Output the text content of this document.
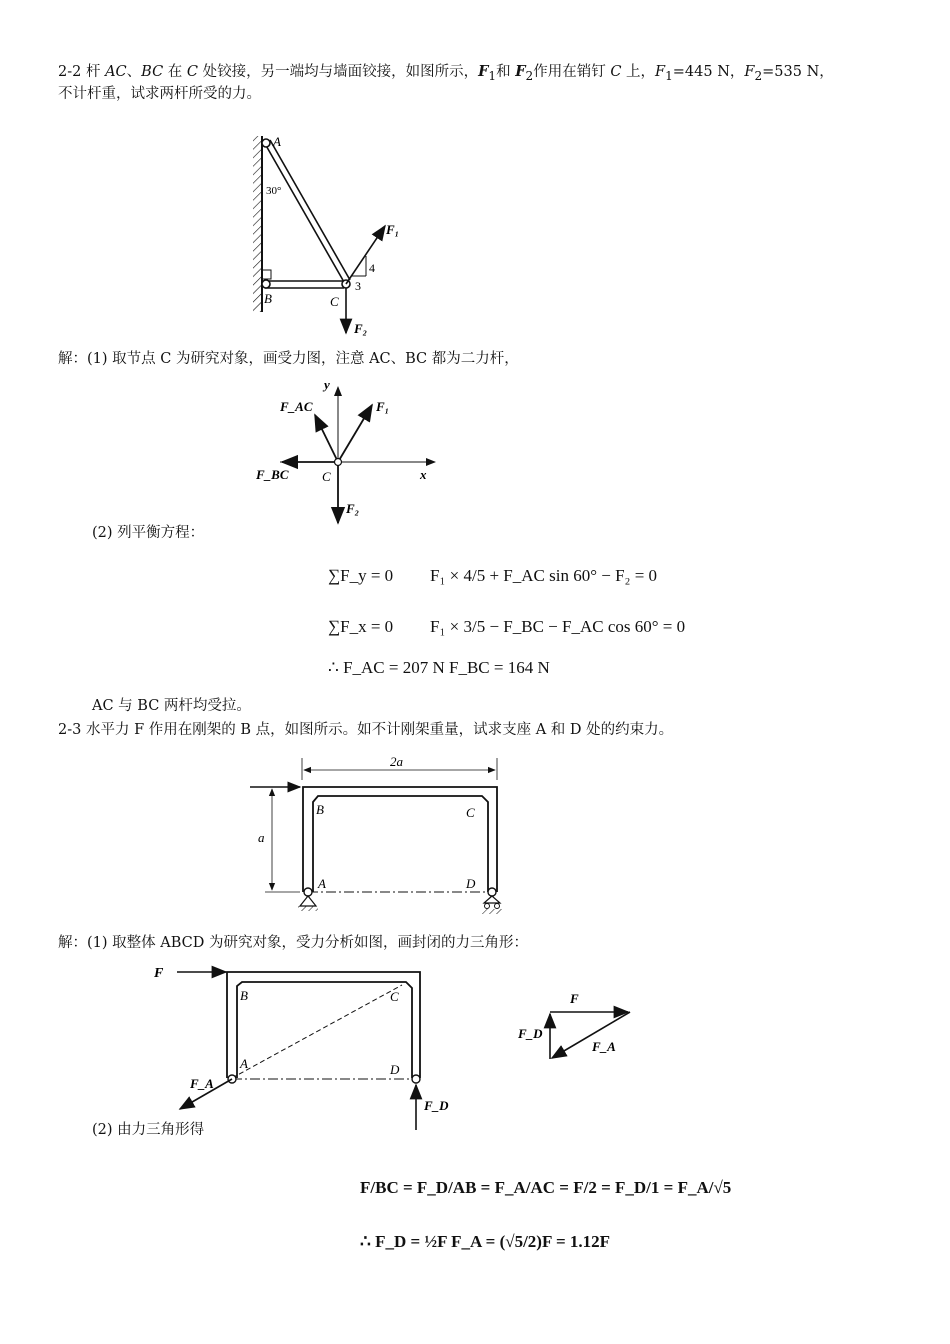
2-2 杆 AC、BC 在 C 处铰接，另一端均与墙面铰接，如图所示，$F_1$和 $F_2$作用在销钉 C 上，$F_1=445$ N，$F_2=535$ N，
不计杆重，试求两杆所受的力。
A
30°
B	C
F₁
4
3
F₂
解：(1) 取节点 C 为研究对象，画受力图，注意 AC、BC 都为二力杆，
y
x
F_AC	F₁
F_BC	C
F₂
(2) 列平衡方程：
∑F_y = 0 F₁ × 4/5 + F_AC sin 60° − F₂ = 0
∑F_x = 0 F₁ × 3/5 − F_BC − F_AC cos 60° = 0
∴ F_AC = 207 N F_BC = 164 N
AC 与 BC 两杆均受拉。
2-3 水平力 F 作用在刚架的 B 点，如图所示。如不计刚架重量，试求支座 A 和 D 处的约束力。
2a
a
B	C
A	D
解：(1) 取整体 ABCD 为研究对象，受力分析如图，画封闭的力三角形：
F
B	C
A	D
F_A
F_D
F
F_D
F_A
(2) 由力三角形得
F/BC = F_D/AB = F_A/AC = F/2 = F_D/1 = F_A/√5
∴ F_D = ½F F_A = (√5/2)F = 1.12F
